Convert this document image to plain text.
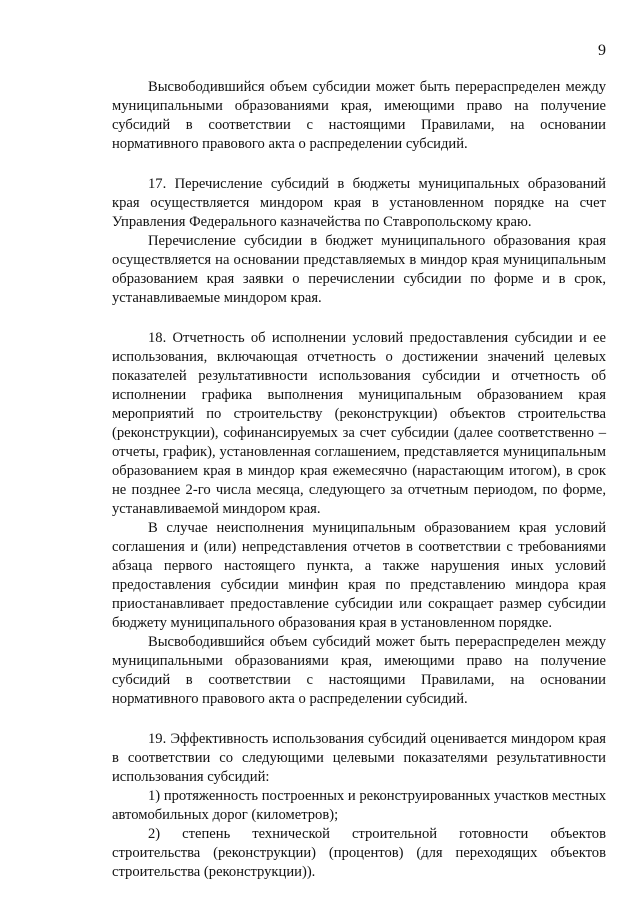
9

Высвободившийся объем субсидии может быть перераспределен между муниципальными образованиями края, имеющими право на получение субсидий в соответствии с настоящими Правилами, на основании нормативного правового акта о распределении субсидий.

17. Перечисление субсидий в бюджеты муниципальных образований края осуществляется миндором края в установленном порядке на счет Управления Федерального казначейства по Ставропольскому краю.

Перечисление субсидии в бюджет муниципального образования края осуществляется на основании представляемых в миндор края муниципальным образованием края заявки о перечислении субсидии по форме и в срок, устанавливаемые миндором края.

18. Отчетность об исполнении условий предоставления субсидии и ее использования, включающая отчетность о достижении значений целевых показателей результативности использования субсидии и отчетность об исполнении графика выполнения муниципальным образованием края мероприятий по строительству (реконструкции) объектов строительства (реконструкции), софинансируемых за счет субсидии (далее соответственно – отчеты, график), установленная соглашением, представляется муниципальным образованием края в миндор края ежемесячно (нарастающим итогом), в срок не позднее 2-го числа месяца, следующего за отчетным периодом, по форме, устанавливаемой миндором края.

В случае неисполнения муниципальным образованием края условий соглашения и (или) непредставления отчетов в соответствии с требованиями абзаца первого настоящего пункта, а также нарушения иных условий предоставления субсидии минфин края по представлению миндора края приостанавливает предоставление субсидии или сокращает размер субсидии бюджету муниципального образования края в установленном порядке.

Высвободившийся объем субсидий может быть перераспределен между муниципальными образованиями края, имеющими право на получение субсидий в соответствии с настоящими Правилами, на основании нормативного правового акта о распределении субсидий.

19. Эффективность использования субсидий оценивается миндором края в соответствии со следующими целевыми показателями результативности использования субсидий:

1) протяженность построенных и реконструированных участков местных автомобильных дорог (километров);

2) степень технической строительной готовности объектов строительства (реконструкции) (процентов) (для переходящих объектов строительства (реконструкции)).
